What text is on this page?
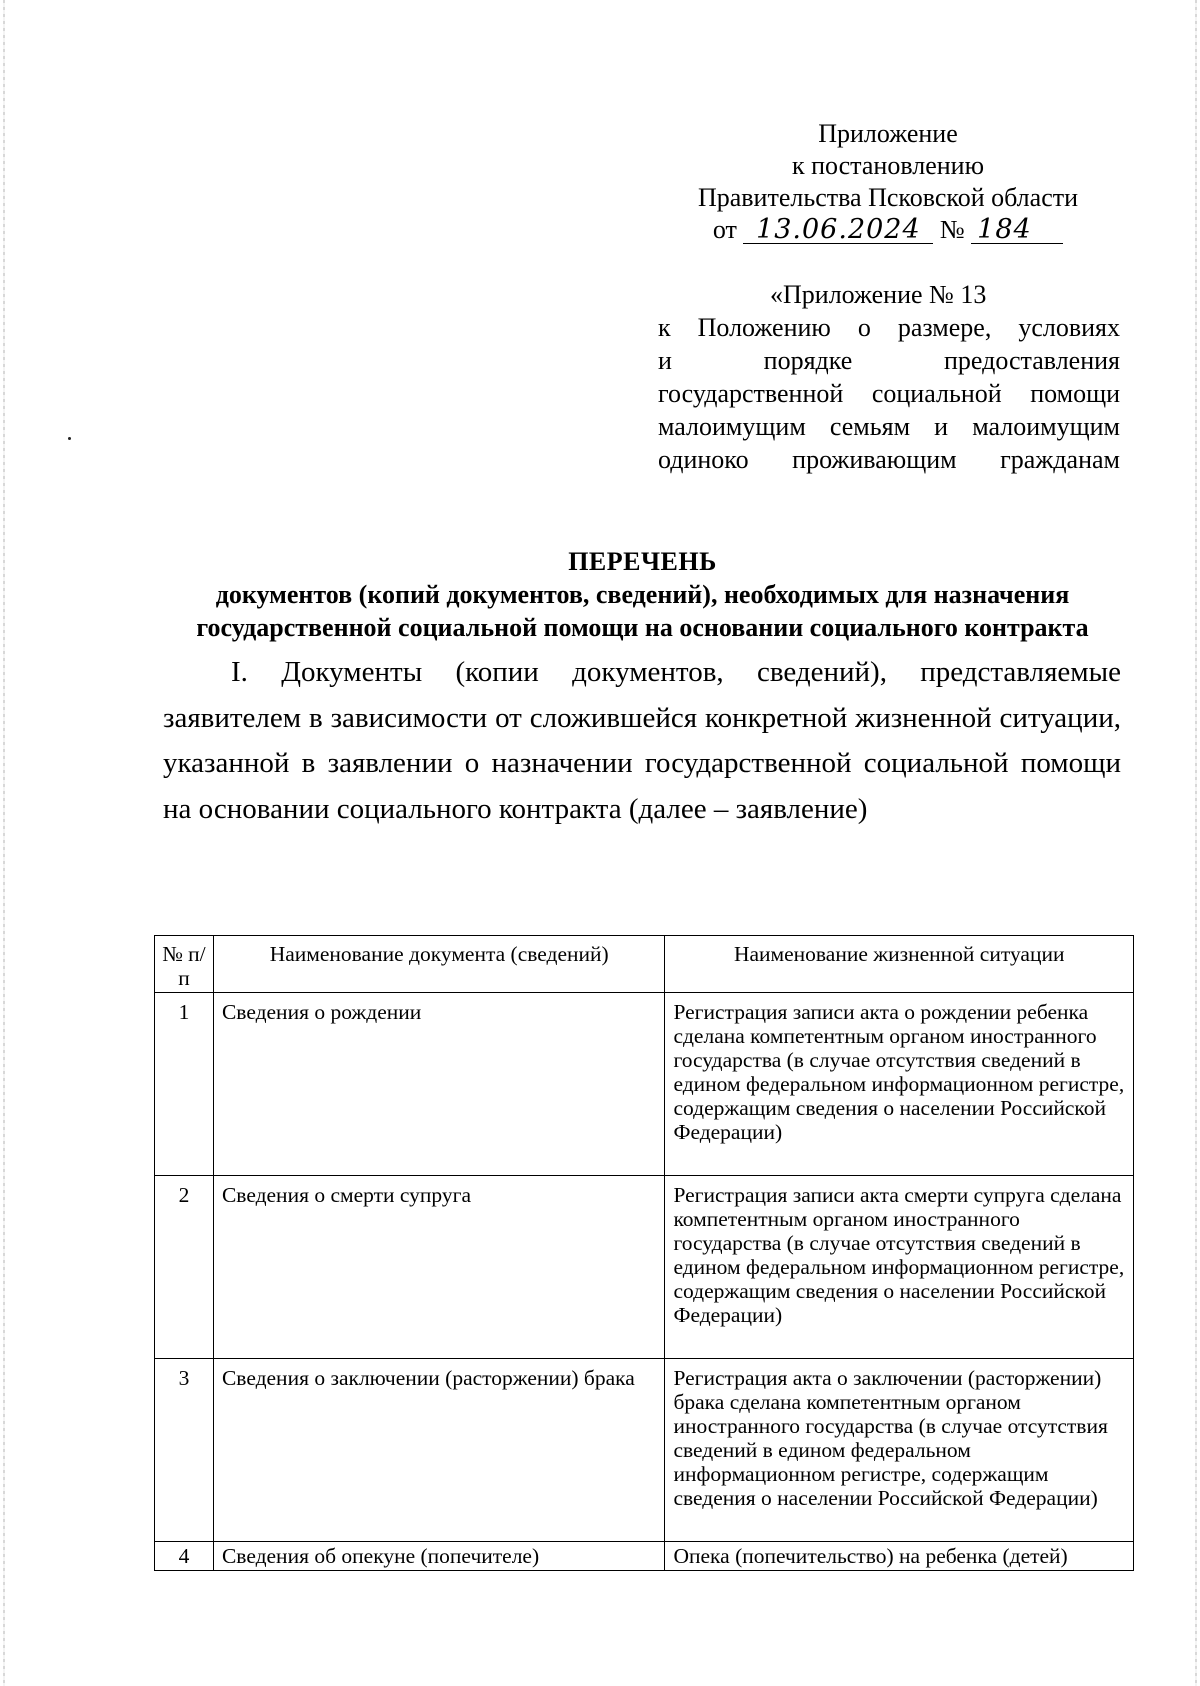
Приложение
к постановлению
Правительства Псковской области
от 13.06.2024 № 184
«Приложение № 13
к Положению о размере, условиях
и порядке предоставления
государственной социальной помощи
малоимущим семьям и малоимущим
одиноко проживающим гражданам
ПЕРЕЧЕНЬ
документов (копий документов, сведений), необходимых для назначения государственной социальной помощи на основании социального контракта
I. Документы (копии документов, сведений), представляемые заявителем в зависимости от сложившейся конкретной жизненной ситуации, указанной в заявлении о назначении государственной социальной помощи на основании социального контракта (далее – заявление)
№ п/п	Наименование документа (сведений)	Наименование жизненной ситуации
1	Сведения о рождении	Регистрация записи акта о рождении ребенка сделана компетентным органом иностранного государства (в случае отсутствия сведений в едином федеральном информационном регистре, содержащим сведения о населении Российской Федерации)
2	Сведения о смерти супруга	Регистрация записи акта смерти супруга сделана компетентным органом иностранного государства (в случае отсутствия сведений в едином федеральном информационном регистре, содержащим сведения о населении Российской Федерации)
3	Сведения о заключении (расторжении) брака	Регистрация акта о заключении (расторжении) брака сделана компетентным органом иностранного государства (в случае отсутствия сведений в едином федеральном информационном регистре, содержащим сведения о населении Российской Федерации)
4	Сведения об опекуне (попечителе)	Опека (попечительство) на ребенка (детей)
